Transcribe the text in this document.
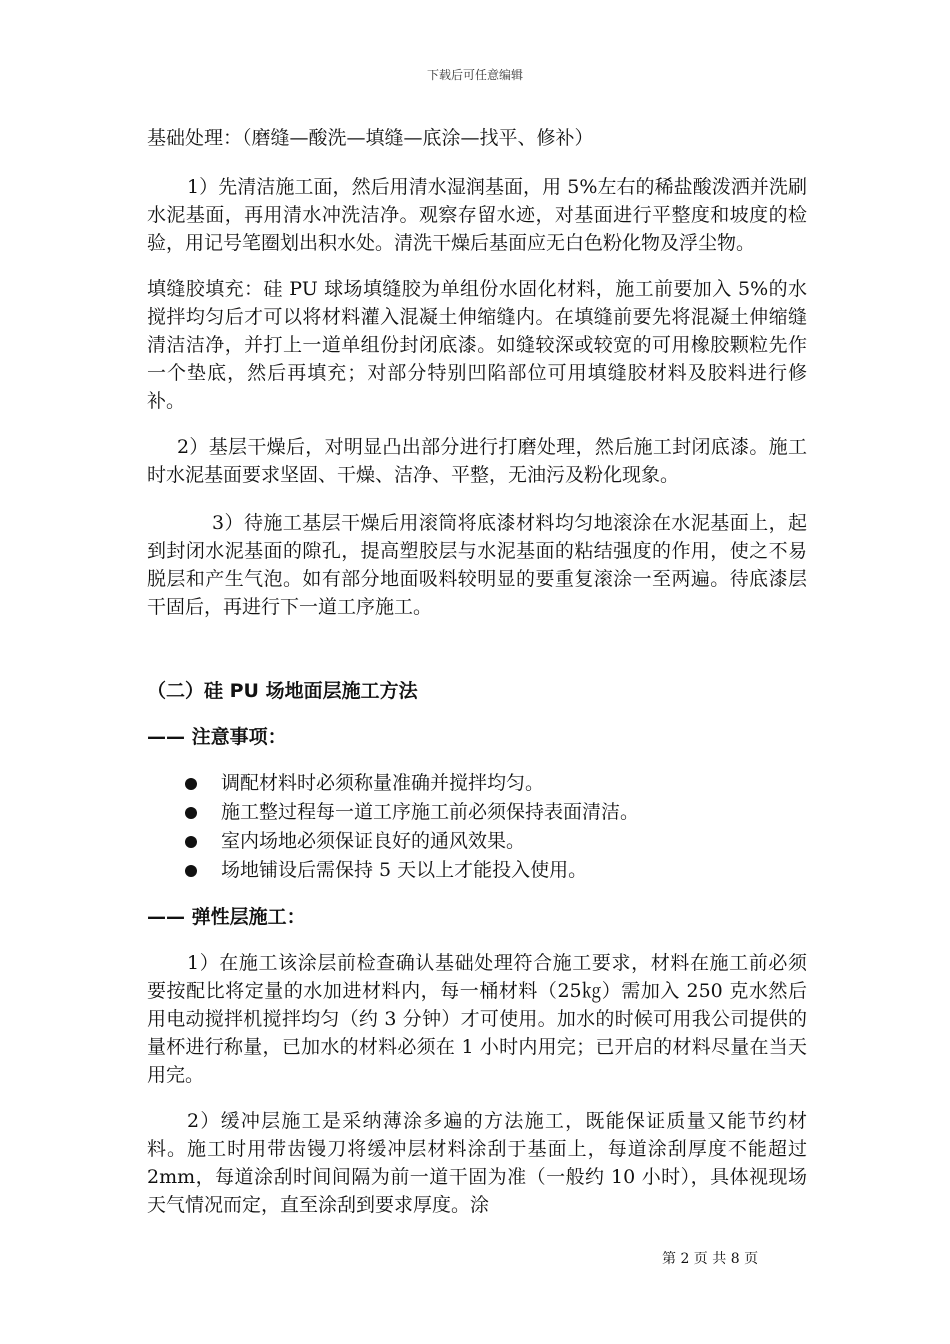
下载后可任意编辑

基础处理：（磨缝—酸洗—填缝—底涂—找平、修补）

1）先清洁施工面，然后用清水湿润基面，用 5%左右的稀盐酸泼洒并洗刷水泥基面，再用清水冲洗洁净。观察存留水迹，对基面进行平整度和坡度的检验，用记号笔圈划出积水处。清洗干燥后基面应无白色粉化物及浮尘物。

填缝胶填充：硅 PU 球场填缝胶为单组份水固化材料，施工前要加入 5%的水搅拌均匀后才可以将材料灌入混凝土伸缩缝内。在填缝前要先将混凝土伸缩缝清洁洁净，并打上一道单组份封闭底漆。如缝较深或较宽的可用橡胶颗粒先作一个垫底，然后再填充；对部分特别凹陷部位可用填缝胶材料及胶料进行修补。

2）基层干燥后，对明显凸出部分进行打磨处理，然后施工封闭底漆。施工时水泥基面要求坚固、干燥、洁净、平整，无油污及粉化现象。

3）待施工基层干燥后用滚筒将底漆材料均匀地滚涂在水泥基面上，起到封闭水泥基面的隙孔，提高塑胶层与水泥基面的粘结强度的作用，使之不易脱层和产生气泡。如有部分地面吸料较明显的要重复滚涂一至两遍。待底漆层干固后，再进行下一道工序施工。

（二）硅 PU 场地面层施工方法

—— 注意事项：

调配材料时必须称量准确并搅拌均匀。
施工整过程每一道工序施工前必须保持表面清洁。
室内场地必须保证良好的通风效果。
场地铺设后需保持 5 天以上才能投入使用。

—— 弹性层施工：

1）在施工该涂层前检查确认基础处理符合施工要求，材料在施工前必须要按配比将定量的水加进材料内，每一桶材料（25㎏）需加入 250 克水然后用电动搅拌机搅拌均匀（约 3 分钟）才可使用。加水的时候可用我公司提供的量杯进行称量，已加水的材料必须在 1 小时内用完；已开启的材料尽量在当天用完。

2）缓冲层施工是采纳薄涂多遍的方法施工，既能保证质量又能节约材料。施工时用带齿镘刀将缓冲层材料涂刮于基面上，每道涂刮厚度不能超过 2mm，每道涂刮时间间隔为前一道干固为准（一般约 10 小时），具体视现场天气情况而定，直至涂刮到要求厚度。涂

第 2 页 共 8 页
